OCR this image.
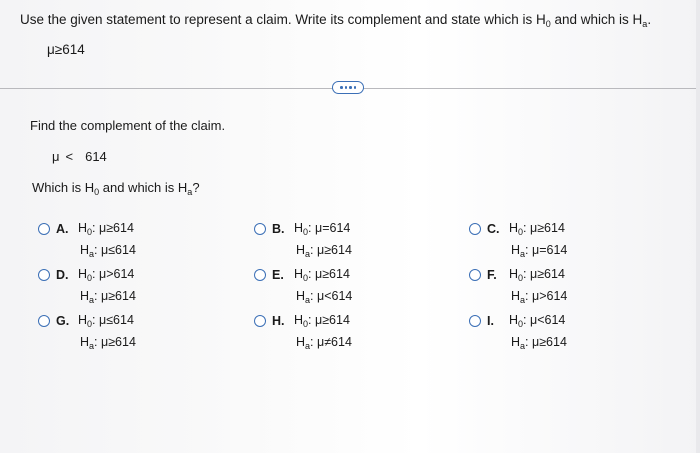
Use the given statement to represent a claim. Write its complement and state which is $H_0$ and which is $H_a$.
μ≥614
Find the complement of the claim.
μ < 614
Which is $H_0$ and which is $H_a$?
A. $H_0$: μ≥614
$H_a$: μ≤614
B. $H_0$: μ=614
$H_a$: μ≥614
C. $H_0$: μ≥614
$H_a$: μ=614
D. $H_0$: μ>614
$H_a$: μ≥614
E. $H_0$: μ≥614
$H_a$: μ<614
F. $H_0$: μ≥614
$H_a$: μ>614
G. $H_0$: μ≤614
$H_a$: μ≥614
H. $H_0$: μ≥614
$H_a$: μ≠614
I.	$H_0$: μ<614
$H_a$: μ≥614
